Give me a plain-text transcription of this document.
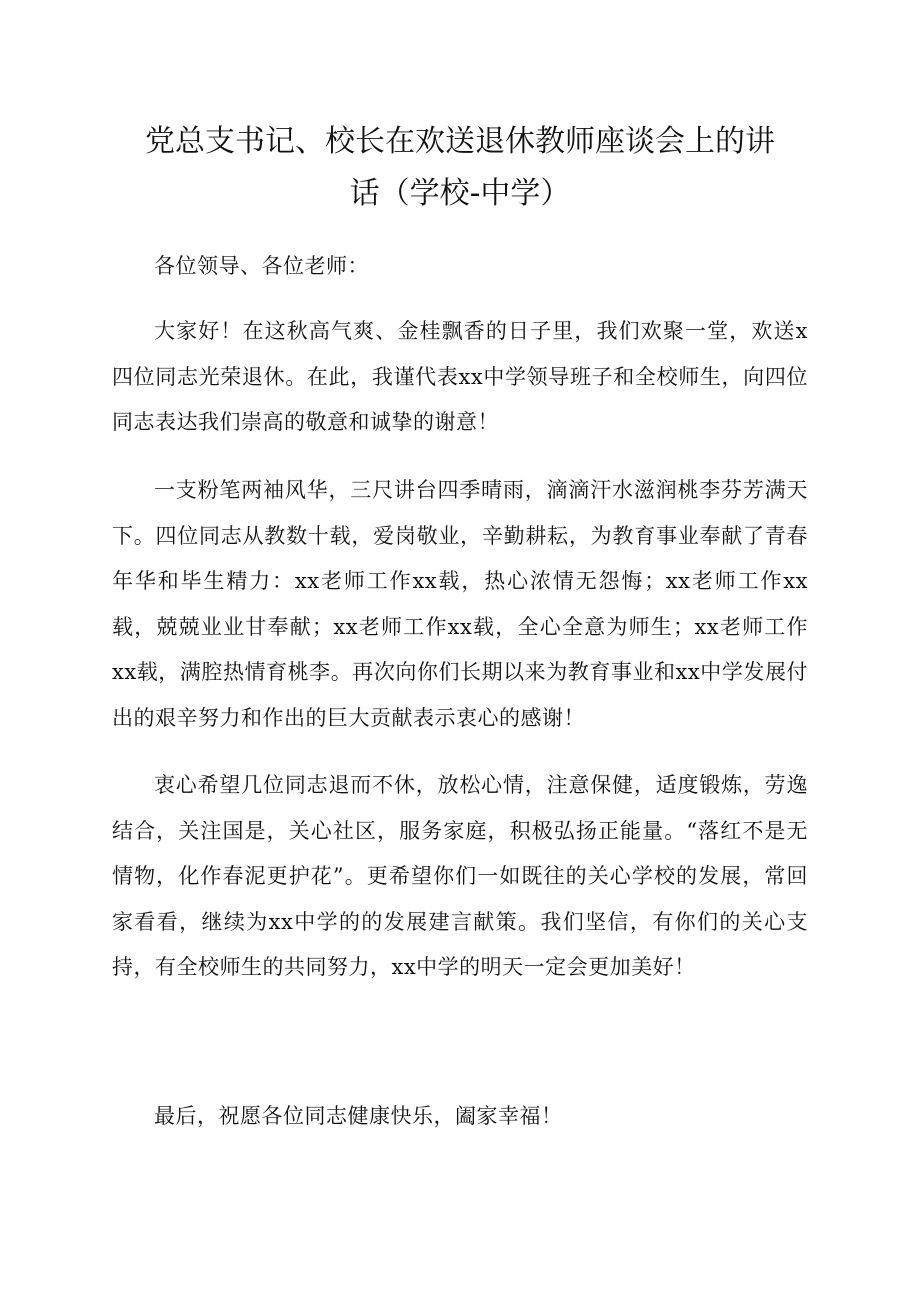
党总支书记、校长在欢送退休教师座谈会上的讲
话（学校-中学）

各位领导、各位老师：

大家好！在这秋高气爽、金桂飘香的日子里，我们欢聚一堂，欢送x四位同志光荣退休。在此，我谨代表xx中学领导班子和全校师生，向四位同志表达我们崇高的敬意和诚挚的谢意！

一支粉笔两袖风华，三尺讲台四季晴雨，滴滴汗水滋润桃李芬芳满天下。四位同志从教数十载，爱岗敬业，辛勤耕耘，为教育事业奉献了青春年华和毕生精力：xx老师工作xx载，热心浓情无怨悔；xx老师工作xx载，兢兢业业甘奉献；xx老师工作xx载，全心全意为师生；xx老师工作xx载，满腔热情育桃李。再次向你们长期以来为教育事业和xx中学发展付出的艰辛努力和作出的巨大贡献表示衷心的感谢！

衷心希望几位同志退而不休，放松心情，注意保健，适度锻炼，劳逸结合，关注国是，关心社区，服务家庭，积极弘扬正能量。“落红不是无情物，化作春泥更护花”。更希望你们一如既往的关心学校的发展，常回家看看，继续为xx中学的的发展建言献策。我们坚信，有你们的关心支持，有全校师生的共同努力，xx中学的明天一定会更加美好！

最后，祝愿各位同志健康快乐，阖家幸福！
